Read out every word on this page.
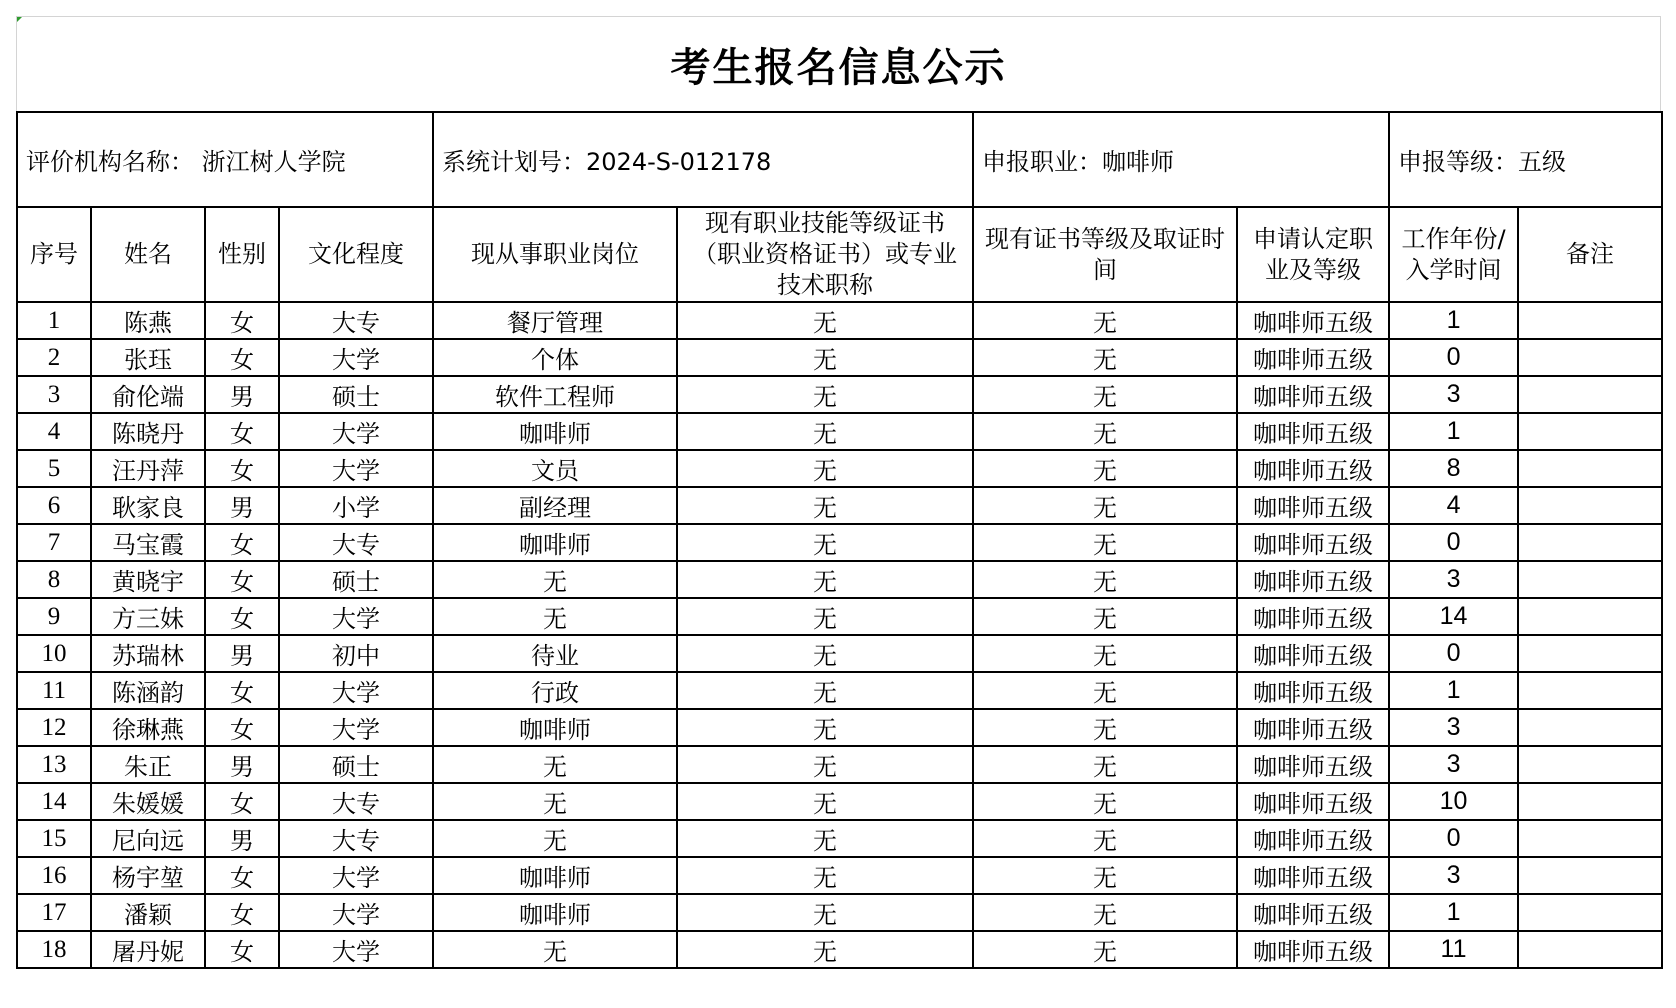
考生报名信息公示
评价机构名称： 浙江树人学院				系统计划号：2024-S-012178		申报职业：咖啡师		申报等级：五级	
序号	姓名	性别	文化程度	现从事职业岗位	现有职业技能等级证书（职业资格证书）或专业技术职称	现有证书等级及取证时间	申请认定职业及等级	工作年份/入学时间	备注
1	陈燕	女	大专	餐厅管理	无	无	咖啡师五级	1	
2	张珏	女	大学	个体	无	无	咖啡师五级	0	
3	俞伦端	男	硕士	软件工程师	无	无	咖啡师五级	3	
4	陈晓丹	女	大学	咖啡师	无	无	咖啡师五级	1	
5	汪丹萍	女	大学	文员	无	无	咖啡师五级	8	
6	耿家良	男	小学	副经理	无	无	咖啡师五级	4	
7	马宝霞	女	大专	咖啡师	无	无	咖啡师五级	0	
8	黄晓宇	女	硕士	无	无	无	咖啡师五级	3	
9	方三妹	女	大学	无	无	无	咖啡师五级	14	
10	苏瑞林	男	初中	待业	无	无	咖啡师五级	0	
11	陈涵韵	女	大学	行政	无	无	咖啡师五级	1	
12	徐琳燕	女	大学	咖啡师	无	无	咖啡师五级	3	
13	朱正	男	硕士	无	无	无	咖啡师五级	3	
14	朱媛媛	女	大专	无	无	无	咖啡师五级	10	
15	尼向远	男	大专	无	无	无	咖啡师五级	0	
16	杨宇堃	女	大学	咖啡师	无	无	咖啡师五级	3	
17	潘颖	女	大学	咖啡师	无	无	咖啡师五级	1	
18	屠丹妮	女	大学	无	无	无	咖啡师五级	11	
